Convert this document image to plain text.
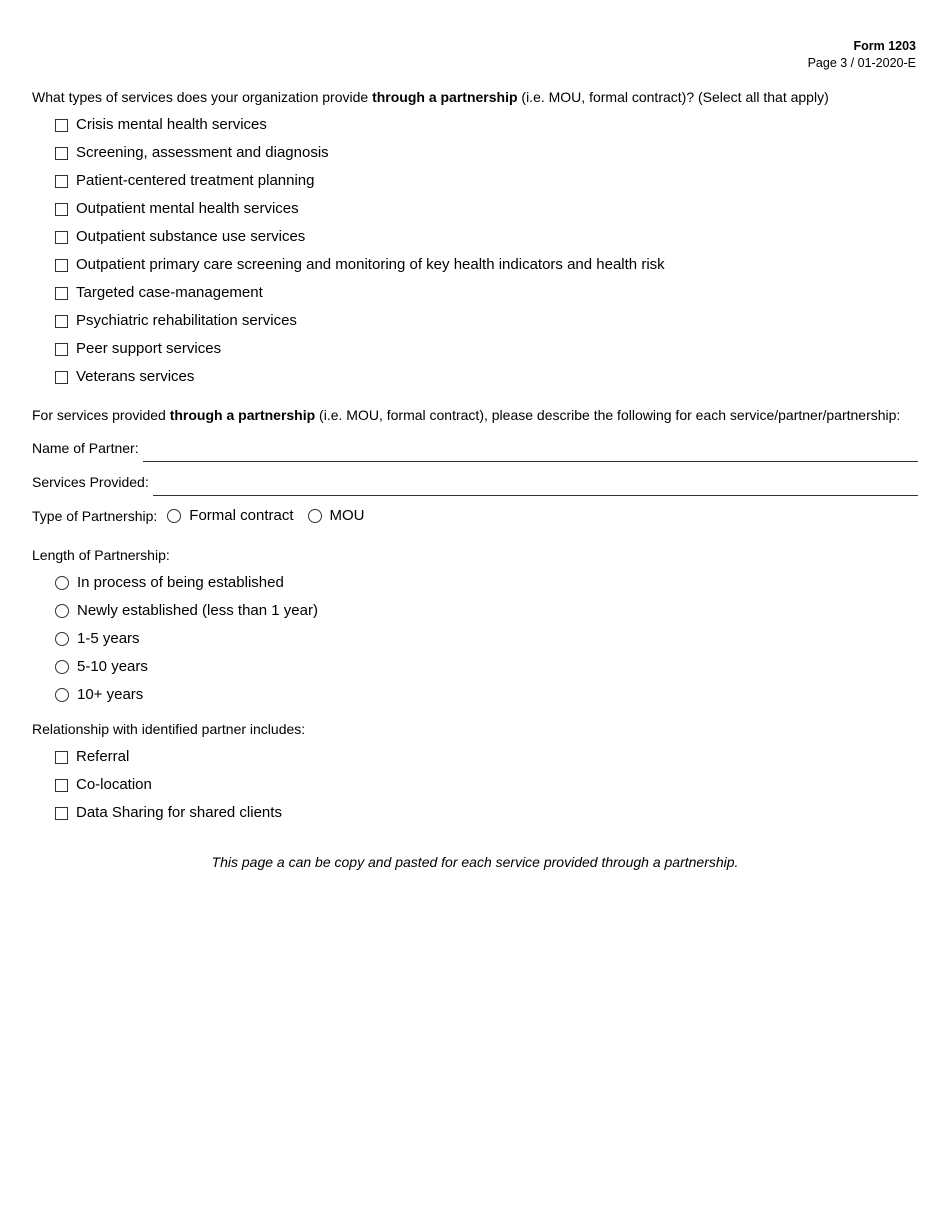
Form 1203
Page 3 / 01-2020-E
What types of services does your organization provide through a partnership (i.e. MOU, formal contract)? (Select all that apply)
Crisis mental health services
Screening, assessment and diagnosis
Patient-centered treatment planning
Outpatient mental health services
Outpatient substance use services
Outpatient primary care screening and monitoring of key health indicators and health risk
Targeted case-management
Psychiatric rehabilitation services
Peer support services
Veterans services
For services provided through a partnership (i.e. MOU, formal contract), please describe the following for each service/partner/partnership:
Name of Partner:
Services Provided:
Type of Partnership: Formal contract MOU
Length of Partnership:
In process of being established
Newly established (less than 1 year)
1-5 years
5-10 years
10+ years
Relationship with identified partner includes:
Referral
Co-location
Data Sharing for shared clients
This page a can be copy and pasted for each service provided through a partnership.
